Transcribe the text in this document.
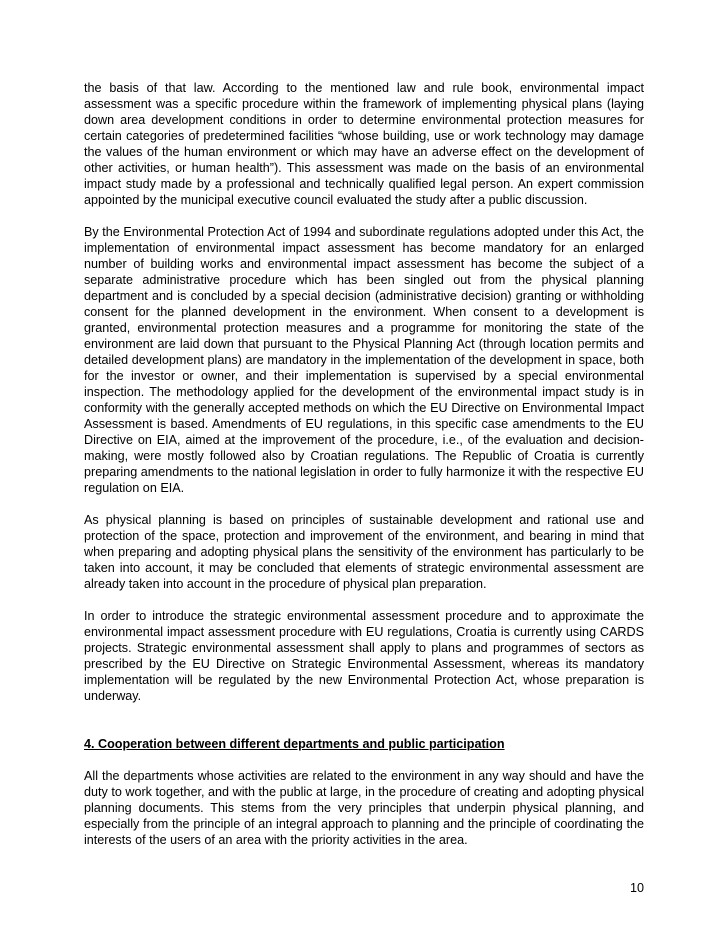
the basis of that law. According to the mentioned law and rule book, environmental impact assessment was a specific procedure within the framework of implementing physical plans (laying down area development conditions in order to determine environmental protection measures for certain categories of predetermined facilities “whose building, use or work technology may damage the values of the human environment or which may have an adverse effect on the development of other activities, or human health”). This assessment was made on the basis of an environmental impact study made by a professional and technically qualified legal person. An expert commission appointed by the municipal executive council evaluated the study after a public discussion.

By the Environmental Protection Act of 1994 and subordinate regulations adopted under this Act, the implementation of environmental impact assessment has become mandatory for an enlarged number of building works and environmental impact assessment has become the subject of a separate administrative procedure which has been singled out from the physical planning department and is concluded by a special decision (administrative decision) granting or withholding consent for the planned development in the environment. When consent to a development is granted, environmental protection measures and a programme for monitoring the state of the environment are laid down that pursuant to the Physical Planning Act (through location permits and detailed development plans) are mandatory in the implementation of the development in space, both for the investor or owner, and their implementation is supervised by a special environmental inspection. The methodology applied for the development of the environmental impact study is in conformity with the generally accepted methods on which the EU Directive on Environmental Impact Assessment is based. Amendments of EU regulations, in this specific case amendments to the EU Directive on EIA, aimed at the improvement of the procedure, i.e., of the evaluation and decision-making, were mostly followed also by Croatian regulations. The Republic of Croatia is currently preparing amendments to the national legislation in order to fully harmonize it with the respective EU regulation on EIA.

As physical planning is based on principles of sustainable development and rational use and protection of the space, protection and improvement of the environment, and bearing in mind that when preparing and adopting physical plans the sensitivity of the environment has particularly to be taken into account, it may be concluded that elements of strategic environmental assessment are already taken into account in the procedure of physical plan preparation.

In order to introduce the strategic environmental assessment procedure and to approximate the environmental impact assessment procedure with EU regulations, Croatia is currently using CARDS projects. Strategic environmental assessment shall apply to plans and programmes of sectors as prescribed by the EU Directive on Strategic Environmental Assessment, whereas its mandatory implementation will be regulated by the new Environmental Protection Act, whose preparation is underway.

4. Cooperation between different departments and public participation

All the departments whose activities are related to the environment in any way should and have the duty to work together, and with the public at large, in the procedure of creating and adopting physical planning documents. This stems from the very principles that underpin physical planning, and especially from the principle of an integral approach to planning and the principle of coordinating the interests of the users of an area with the priority activities in the area.

10
